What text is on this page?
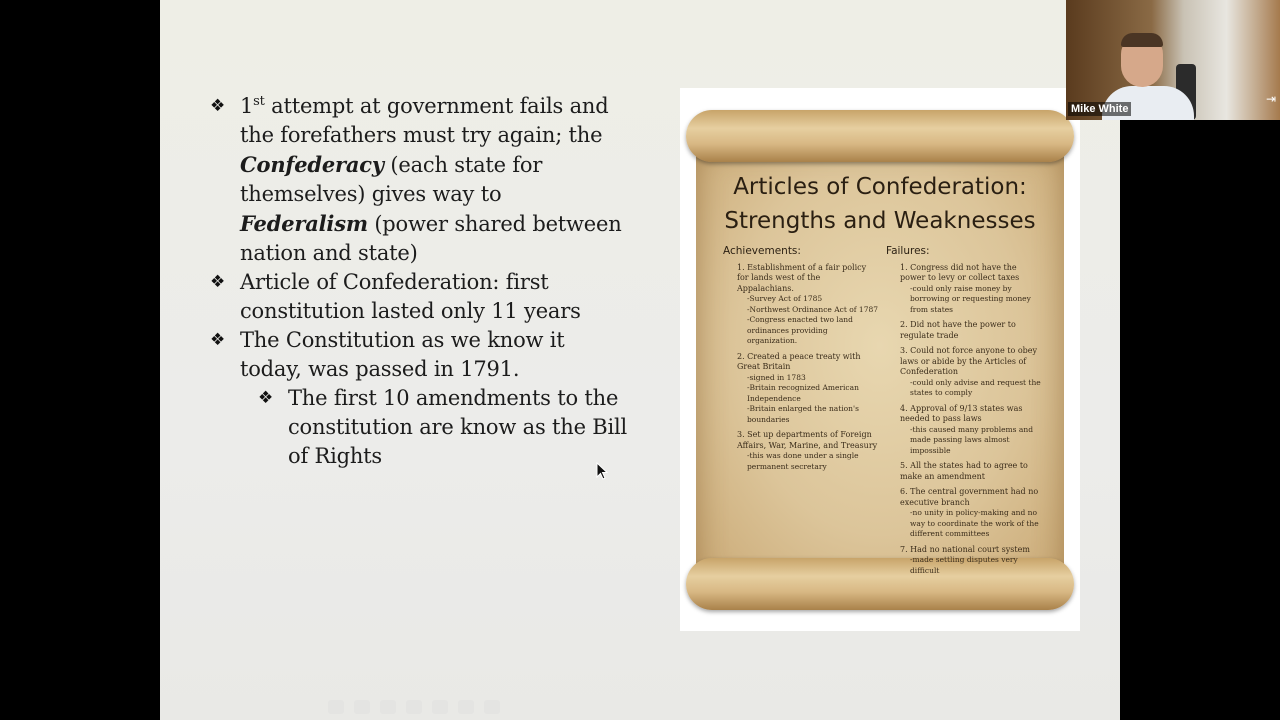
❖ 1st attempt at government fails and the forefathers must try again; the Confederacy (each state for themselves) gives way to Federalism (power shared between nation and state)
❖ Article of Confederation: first constitution lasted only 11 years
❖ The Constitution as we know it today, was passed in 1791.
❖ The first 10 amendments to the constitution are know as the Bill of Rights
Articles of Confederation: Strengths and Weaknesses
Achievements:
1. Establishment of a fair policy for lands west of the Appalachians.
-Survey Act of 1785
-Northwest Ordinance Act of 1787
-Congress enacted two land ordinances providing organization.
2. Created a peace treaty with Great Britain
-signed in 1783
-Britain recognized American Independence
-Britain enlarged the nation's boundaries
3. Set up departments of Foreign Affairs, War, Marine, and Treasury
-this was done under a single permanent secretary
Failures:
1. Congress did not have the power to levy or collect taxes
-could only raise money by borrowing or requesting money from states
2. Did not have the power to regulate trade
3. Could not force anyone to obey laws or abide by the Articles of Confederation
-could only advise and request the states to comply
4. Approval of 9/13 states was needed to pass laws
-this caused many problems and made passing laws almost impossible
5. All the states had to agree to make an amendment
6. The central government had no executive branch
-no unity in policy-making and no way to coordinate the work of the different committees
7. Had no national court system
-made settling disputes very difficult
Mike White
⇥
